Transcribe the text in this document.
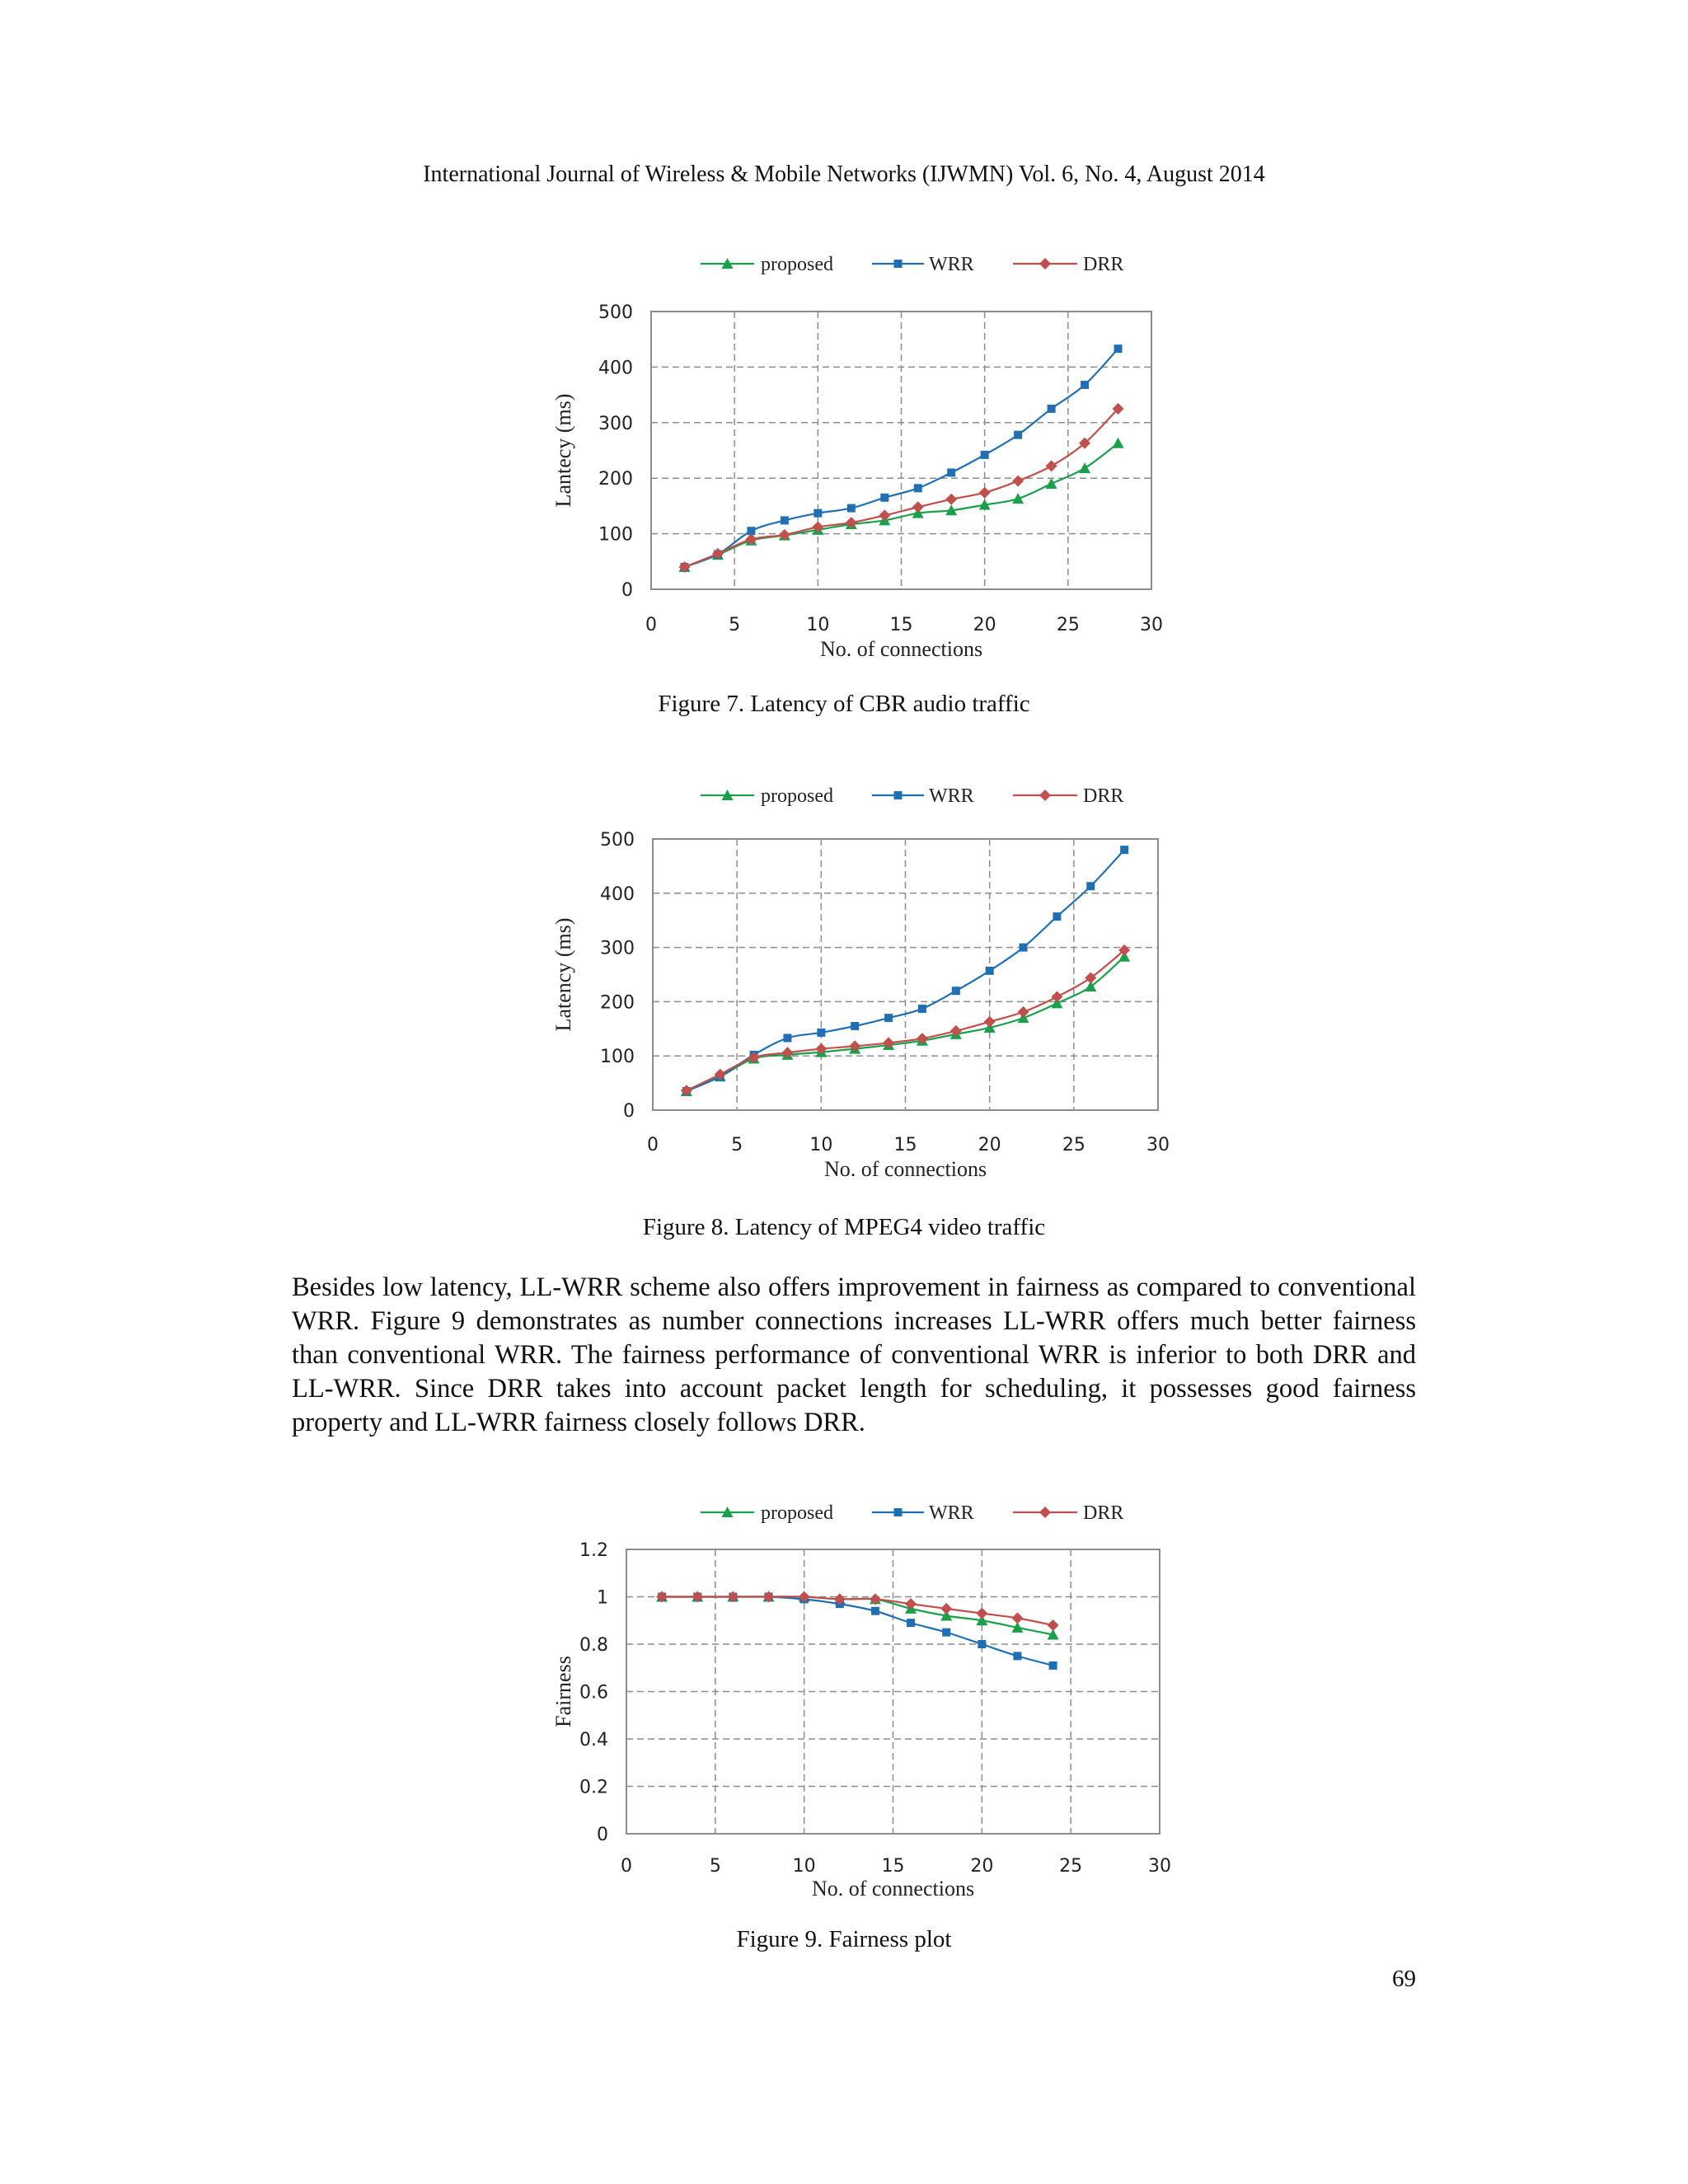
International Journal of Wireless & Mobile Networks (IJWMN) Vol. 6, No. 4, August 2014
0
100
200
300
400
500
0	5	10	15	20	25	30
No. of connections
Lantecy (ms)
proposed	WRR	DRR
Figure 7. Latency of CBR audio traffic
0
100
200
300
400
500
0	5	10	15	20	25	30
No. of connections
Latency (ms)
proposed	WRR	DRR
Figure 8. Latency of MPEG4 video traffic
Besides low latency, LL-WRR scheme also offers improvement in fairness as compared to conventional WRR. Figure 9 demonstrates as number connections increases LL-WRR offers much better fairness than conventional WRR. The fairness performance of conventional WRR is inferior to both DRR and LL-WRR. Since DRR takes into account packet length for scheduling, it possesses good fairness property and LL-WRR fairness closely follows DRR.
0
0.2
0.4
0.6
0.8
1
1.2
0	5	10	15	20	25	30
No. of connections
Fairness
proposed	WRR	DRR
Figure 9. Fairness plot
69
